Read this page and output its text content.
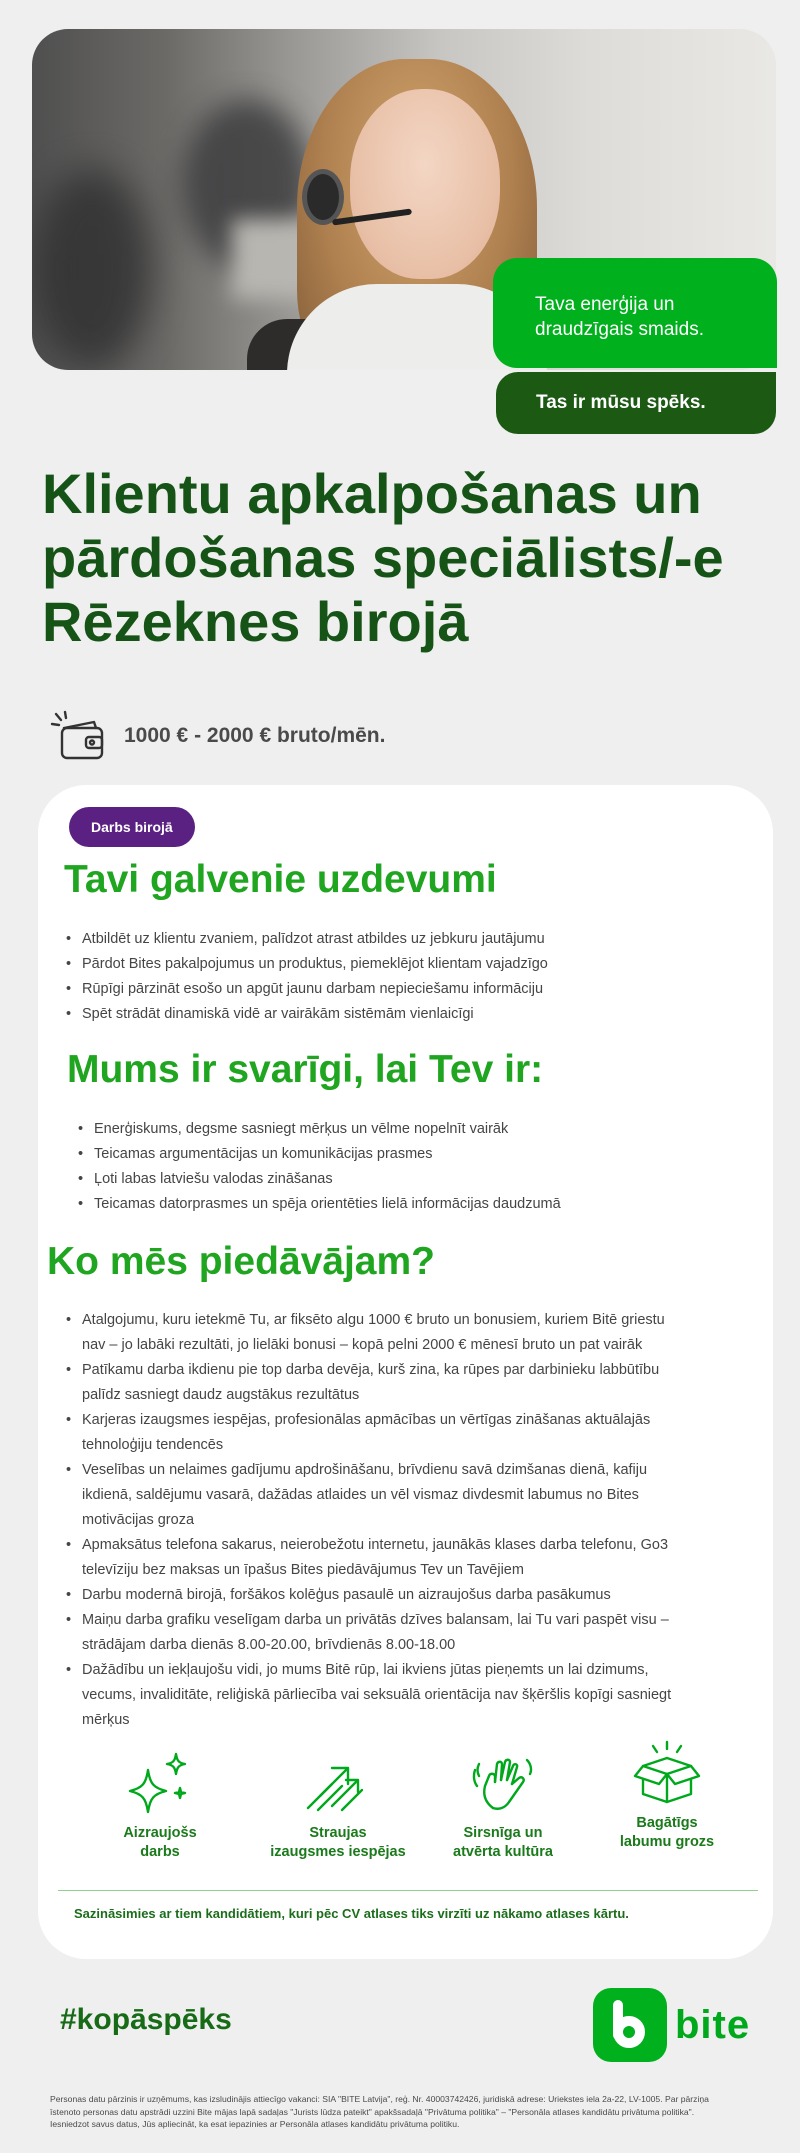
Tava enerģija un
draudzīgais smaids.
Tas ir mūsu spēks.
Klientu apkalpošanas un
pārdošanas speciālists/-e
Rēzeknes birojā
1000 € - 2000 € bruto/mēn.
Darbs birojā
Tavi galvenie uzdevumi
• Atbildēt uz klientu zvaniem, palīdzot atrast atbildes uz jebkuru jautājumu
• Pārdot Bites pakalpojumus un produktus, piemeklējot klientam vajadzīgo
• Rūpīgi pārzināt esošo un apgūt jaunu darbam nepieciešamu informāciju
• Spēt strādāt dinamiskā vidē ar vairākām sistēmām vienlaicīgi
Mums ir svarīgi, lai Tev ir:
• Enerģiskums, degsme sasniegt mērķus un vēlme nopelnīt vairāk
• Teicamas argumentācijas un komunikācijas prasmes
• Ļoti labas latviešu valodas zināšanas
• Teicamas datorprasmes un spēja orientēties lielā informācijas daudzumā
Ko mēs piedāvājam?
• Atalgojumu, kuru ietekmē Tu, ar fiksēto algu 1000 € bruto un bonusiem, kuriem Bitē griestu
nav – jo labāki rezultāti, jo lielāki bonusi – kopā pelni 2000 € mēnesī bruto un pat vairāk
• Patīkamu darba ikdienu pie top darba devēja, kurš zina, ka rūpes par darbinieku labbūtību
palīdz sasniegt daudz augstākus rezultātus
• Karjeras izaugsmes iespējas, profesionālas apmācības un vērtīgas zināšanas aktuālajās
tehnoloģiju tendencēs
• Veselības un nelaimes gadījumu apdrošināšanu, brīvdienu savā dzimšanas dienā, kafiju
ikdienā, saldējumu vasarā, dažādas atlaides un vēl vismaz divdesmit labumus no Bites
motivācijas groza
• Apmaksātus telefona sakarus, neierobežotu internetu, jaunākās klases darba telefonu, Go3
televīziju bez maksas un īpašus Bites piedāvājumus Tev un Tavējiem
• Darbu modernā birojā, foršākos kolēģus pasaulē un aizraujošus darba pasākumus
• Maiņu darba grafiku veselīgam darba un privātās dzīves balansam, lai Tu vari paspēt visu –
strādājam darba dienās 8.00-20.00, brīvdienās 8.00-18.00
• Dažādību un iekļaujošu vidi, jo mums Bitē rūp, lai ikviens jūtas pieņemts un lai dzimums,
vecums, invaliditāte, reliģiskā pārliecība vai seksuālā orientācija nav šķēršlis kopīgi sasniegt
mērķus
Aizraujošs
darbs
Straujas
izaugsmes iespējas
Sirsnīga un
atvērta kultūra
Bagātīgs
labumu grozs
Sazināsimies ar tiem kandidātiem, kuri pēc CV atlases tiks virzīti uz nākamo atlases kārtu.
#kopāspēks	bite
Personas datu pārzinis ir uzņēmums, kas izsludinājis attiecīgo vakanci: SIA "BITE Latvija", reģ. Nr. 40003742426, juridiskā adrese: Uriekstes iela 2a-22, LV-1005. Par pārziņa
īstenoto personas datu apstrādi uzzini Bite mājas lapā sadaļas "Jurists lūdza pateikt" apakšsadaļā "Privātuma politika" – "Personāla atlases kandidātu privātuma politika".
Iesniedzot savus datus, Jūs apliecināt, ka esat iepazinies ar Personāla atlases kandidātu privātuma politiku.
